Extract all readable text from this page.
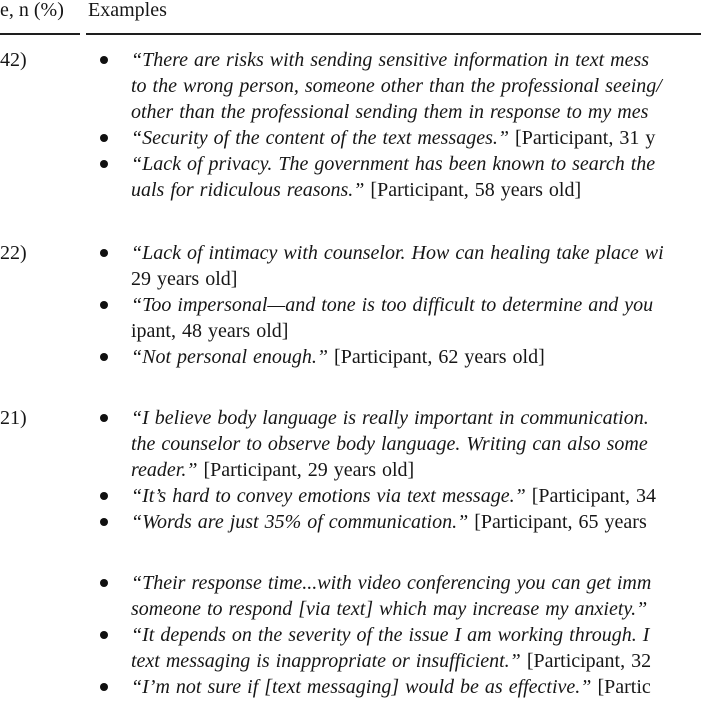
e, n (%) Examples
42)	“There are risks with sending sensitive information in text mess
to the wrong person, someone other than the professional seeing/
other than the professional sending them in response to my mes
“Security of the content of the text messages.” [Participant, 31 y
“Lack of privacy. The government has been known to search the
uals for ridiculous reasons.” [Participant, 58 years old]
22)	“Lack of intimacy with counselor. How can healing take place wi
29 years old]
“Too impersonal—and tone is too difficult to determine and you
ipant, 48 years old]
“Not personal enough.” [Participant, 62 years old]
21)	“I believe body language is really important in communication.
the counselor to observe body language. Writing can also some
reader.” [Participant, 29 years old]
“It’s hard to convey emotions via text message.” [Participant, 34
“Words are just 35% of communication.” [Participant, 65 years
“Their response time...with video conferencing you can get imm
someone to respond [via text] which may increase my anxiety.”
“It depends on the severity of the issue I am working through. I
text messaging is inappropriate or insufficient.” [Participant, 32
“I’m not sure if [text messaging] would be as effective.” [Partic
